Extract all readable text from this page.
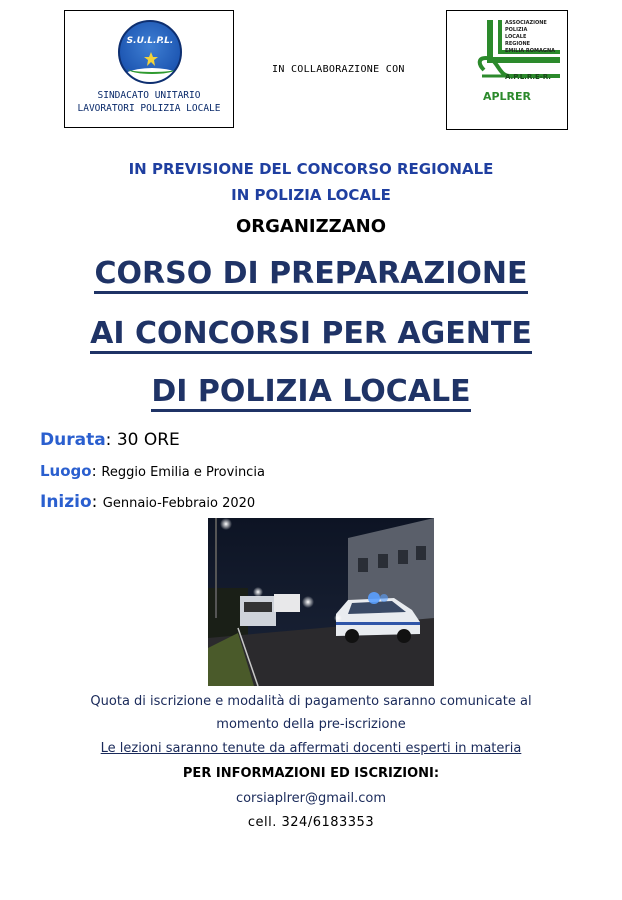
S.U.L.P.L.
SINDACATO UNITARIO
LAVORATORI POLIZIA LOCALE
IN COLLABORAZIONE CON
ASSOCIAZIONE
POLIZIA
LOCALE
REGIONE
EMILIA ROMAGNA
A.P.L.R.E-R.
APLRER
IN PREVISIONE DEL CONCORSO REGIONALE
IN POLIZIA LOCALE
ORGANIZZANO
CORSO DI PREPARAZIONE
AI CONCORSI PER AGENTE
DI POLIZIA LOCALE
Durata: 30 ORE
Luogo: Reggio Emilia e Provincia
Inizio: Gennaio-Febbraio 2020
Quota di iscrizione e modalità di pagamento saranno comunicate al
momento della pre-iscrizione
Le lezioni saranno tenute da affermati docenti esperti in materia
PER INFORMAZIONI ED ISCRIZIONI:
corsiaplrer@gmail.com
cell. 324/6183353
